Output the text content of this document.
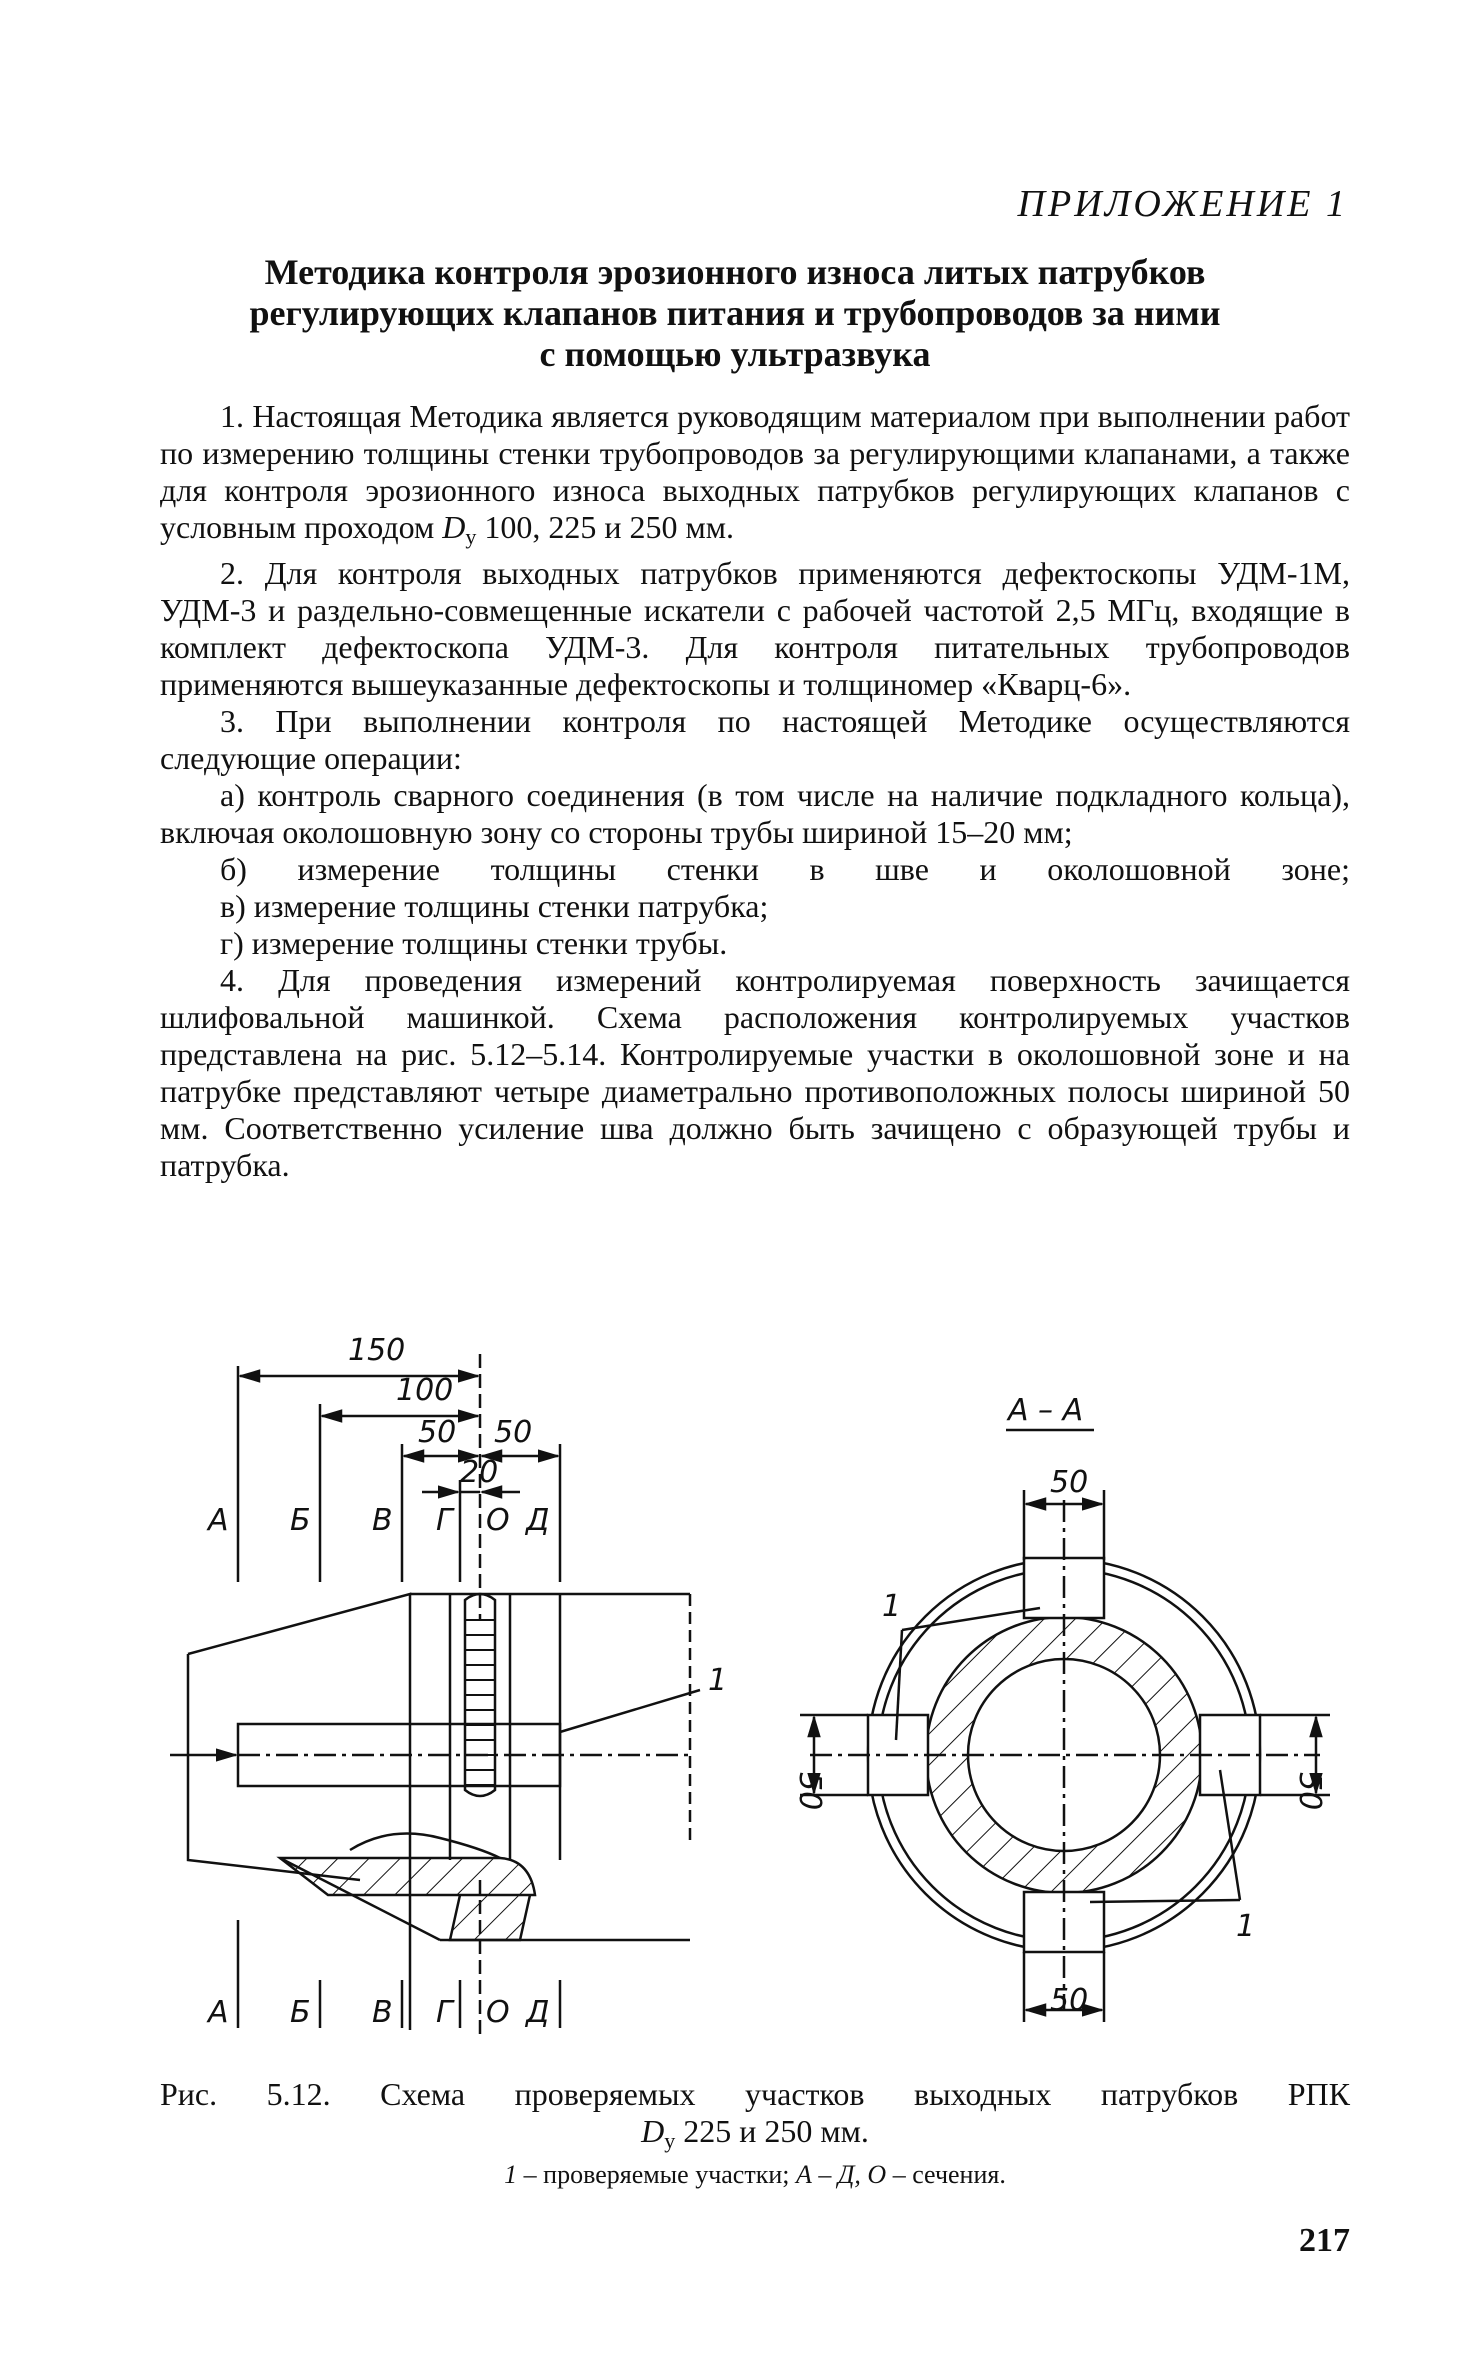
ПРИЛОЖЕНИЕ 1
Методика контроля эрозионного износа литых патрубков
регулирующих клапанов питания и трубопроводов за ними
с помощью ультразвука

1. Настоящая Методика является руководящим материалом при выполнении работ по измерению толщины стенки трубопроводов за регулирующими клапанами, а также для контроля эрозионного износа выходных патрубков регулирующих клапанов с условным проходом Dу 100, 225 и 250 мм.

2. Для контроля выходных патрубков применяются дефектоскопы УДМ-1М, УДМ-3 и раздельно-совмещенные искатели с рабочей частотой 2,5 МГц, входящие в комплект дефектоскопа УДМ-3. Для контроля питательных трубопроводов применяются вышеуказанные дефектоскопы и толщиномер «Кварц-6».

3. При выполнении контроля по настоящей Методике осуществляются следующие операции:

а) контроль сварного соединения (в том числе на наличие подкладного кольца), включая околошовную зону со стороны трубы шириной 15–20 мм;

б) измерение толщины стенки в шве и околошовной зоне;

в) измерение толщины стенки патрубка;

г) измерение толщины стенки трубы.

4. Для проведения измерений контролируемая поверхность зачищается шлифовальной машинкой. Схема расположения контролируемых участков представлена на рис. 5.12–5.14. Контролируемые участки в околошовной зоне и на патрубке представляют четыре диаметрально противоположных полосы шириной 50 мм. Соответственно усиление шва должно быть зачищено с образующей трубы и патрубка.

150
100
50 50
20
А Б В Г О Д
А Б В Г О Д
1
А – А
50
50
50	50
1
1
Рис. 5.12. Схема проверяемых участков выходных патрубков РПК
Dу 225 и 250 мм.
1 – проверяемые участки; А – Д, О – сечения.
217
